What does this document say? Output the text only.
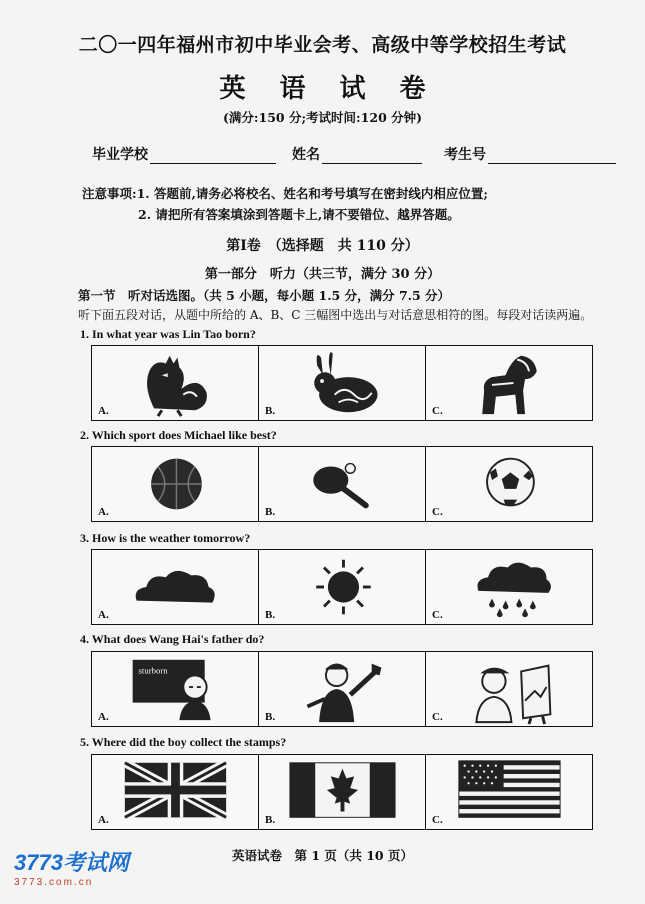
二〇一四年福州市初中毕业会考、高级中等学校招生考试
英语试卷
(满分:150 分;考试时间:120 分钟)
毕业学校	姓名	考生号
注意事项:1. 答题前,请务必将校名、姓名和考号填写在密封线内相应位置;
2. 请把所有答案填涂到答题卡上,请不要错位、越界答题。
第Ⅰ卷　（选择题　共 110 分）
第一部分　听力（共三节，满分 30 分）
第一节　听对话选图。（共 5 小题，每小题 1.5 分，满分 7.5 分）
听下面五段对话，从题中所给的 A、B、C 三幅图中选出与对话意思相符的图。每段对话读两遍。
1. In what year was Lin Tao born?
A.	B.	C.
2. Which sport does Michael like best?
A.	B.	C.
3. How is the weather tomorrow?
A.	B.	C.
4. What does Wang Hai's father do?
sturborn
A.	B.	C.
5. Where did the boy collect the stamps?
A.	B.	C.
英语试卷　第 1 页（共 10 页）
3773考试网
3773.com.cn
